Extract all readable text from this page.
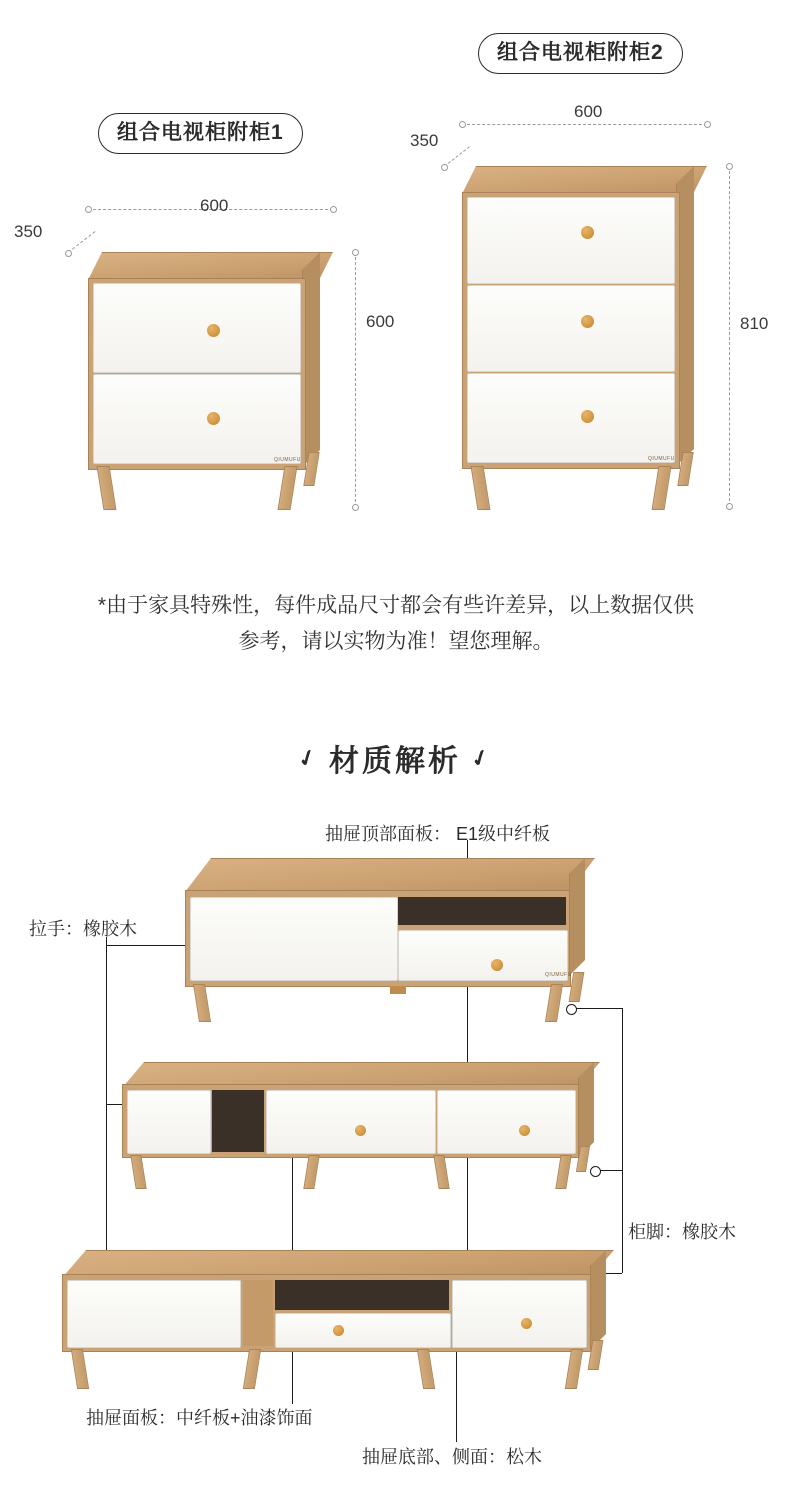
组合电视柜附柜1
组合电视柜附柜2
600
350
600
QIUMUFU
600
350
810
QIUMUFU
*由于家具特殊性，每件成品尺寸都会有些许差异，以上数据仅供
参考，请以实物为准！望您理解。
✓ 材质解析 ✓
抽屉顶部面板： E1级中纤板
拉手：橡胶木
柜脚：橡胶木
抽屉面板：中纤板+油漆饰面
抽屉底部、侧面：松木
QIUMUFU
